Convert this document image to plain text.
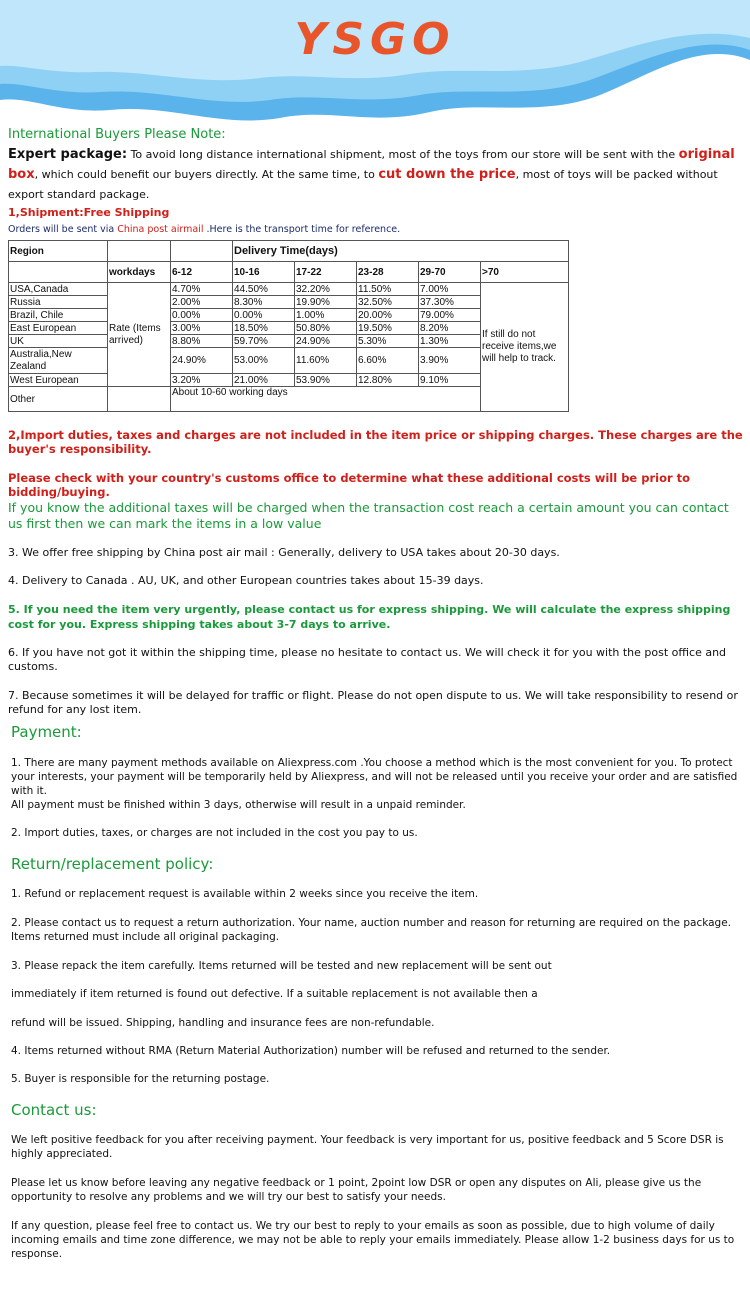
YSGO
International Buyers Please Note:
Expert package: To avoid long distance international shipment, most of the toys from our store will be sent with the original box, which could benefit our buyers directly. At the same time, to cut down the price, most of toys will be packed without export standard package.
1,Shipment:Free Shipping
Orders will be sent via China post airmail .Here is the transport time for reference.
Region			Delivery Time(days)				
	workdays	6-12	10-16	17-22	23-28	29-70	>70
USA,Canada	Rate (Items arrived)	4.70%	44.50%	32.20%	11.50%	7.00%	If still do not receive items,we will help to track.
Russia		2.00%	8.30%	19.90%	32.50%	37.30%	
Brazil, Chile		0.00%	0.00%	1.00%	20.00%	79.00%	
East European		3.00%	18.50%	50.80%	19.50%	8.20%	
UK		8.80%	59.70%	24.90%	5.30%	1.30%	
Australia,New Zealand		24.90%	53.00%	11.60%	6.60%	3.90%	
West European		3.20%	21.00%	53.90%	12.80%	9.10%	
Other		About 10-60 working days					
2,Import duties, taxes and charges are not included in the item price or shipping charges. These charges are the buyer's responsibility.
Please check with your country's customs office to determine what these additional costs will be prior to bidding/buying.
If you know the additional taxes will be charged when the transaction cost reach a certain amount you can contact us first then we can mark the items in a low value
3. We offer free shipping by China post air mail : Generally, delivery to USA takes about 20-30 days.
4. Delivery to Canada . AU, UK, and other European countries takes about 15-39 days.
5. If you need the item very urgently, please contact us for express shipping. We will calculate the express shipping cost for you. Express shipping takes about 3-7 days to arrive.
6. If you have not got it within the shipping time, please no hesitate to contact us. We will check it for you with the post office and customs.
7. Because sometimes it will be delayed for traffic or flight. Please do not open dispute to us. We will take responsibility to resend or refund for any lost item.
Payment:
1. There are many payment methods available on Aliexpress.com .You choose a method which is the most convenient for you. To protect your interests, your payment will be temporarily held by Aliexpress, and will not be released until you receive your order and are satisfied with it.
All payment must be finished within 3 days, otherwise will result in a unpaid reminder.
2. Import duties, taxes, or charges are not included in the cost you pay to us.
Return/replacement policy:
1. Refund or replacement request is available within 2 weeks since you receive the item.
2. Please contact us to request a return authorization. Your name, auction number and reason for returning are required on the package. Items returned must include all original packaging.
3. Please repack the item carefully. Items returned will be tested and new replacement will be sent out
immediately if item returned is found out defective. If a suitable replacement is not available then a
refund will be issued. Shipping, handling and insurance fees are non-refundable.
4. Items returned without RMA (Return Material Authorization) number will be refused and returned to the sender.
5. Buyer is responsible for the returning postage.
Contact us:
We left positive feedback for you after receiving payment. Your feedback is very important for us, positive feedback and 5 Score DSR is highly appreciated.
Please let us know before leaving any negative feedback or 1 point, 2point low DSR or open any disputes on Ali, please give us the opportunity to resolve any problems and we will try our best to satisfy your needs.
If any question, please feel free to contact us. We try our best to reply to your emails as soon as possible, due to high volume of daily incoming emails and time zone difference, we may not be able to reply your emails immediately. Please allow 1-2 business days for us to response.
